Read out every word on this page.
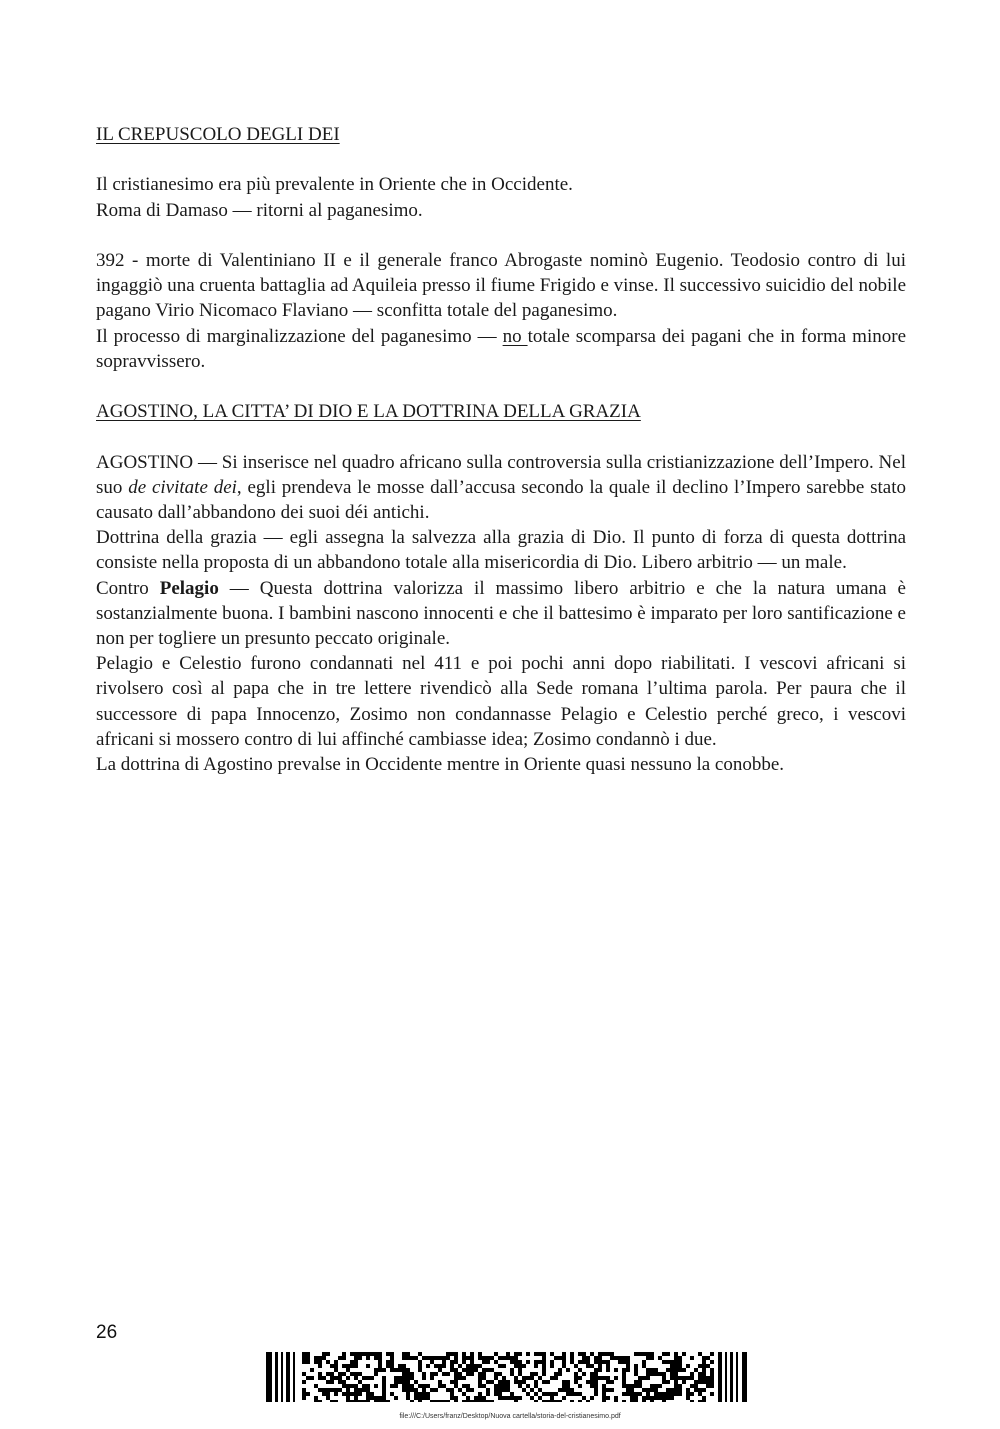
IL CREPUSCOLO DEGLI DEI

Il cristianesimo era più prevalente in Oriente che in Occidente.

Roma di Damaso — ritorni al paganesimo.

392 - morte di Valentiniano II e il generale franco Abrogaste nominò Eugenio. Teodosio contro di lui ingaggiò una cruenta battaglia ad Aquileia presso il fiume Frigido e vinse. Il successivo suicidio del nobile pagano Virio Nicomaco Flaviano — sconfitta totale del paganesimo.

Il processo di marginalizzazione del paganesimo — no totale scomparsa dei pagani che in forma minore sopravvissero.

AGOSTINO, LA CITTA’ DI DIO E LA DOTTRINA DELLA GRAZIA

AGOSTINO — Si inserisce nel quadro africano sulla controversia sulla cristianizzazione dell’Impero. Nel suo de civitate dei, egli prendeva le mosse dall’accusa secondo la quale il declino l’Impero sarebbe stato causato dall’abbandono dei suoi déi antichi.

Dottrina della grazia — egli assegna la salvezza alla grazia di Dio. Il punto di forza di questa dottrina consiste nella proposta di un abbandono totale alla misericordia di Dio. Libero arbitrio — un male.

Contro Pelagio — Questa dottrina valorizza il massimo libero arbitrio e che la natura umana è sostanzialmente buona. I bambini nascono innocenti e che il battesimo è imparato per loro santificazione e non per togliere un presunto peccato originale.

Pelagio e Celestio furono condannati nel 411 e poi pochi anni dopo riabilitati. I vescovi africani si rivolsero così al papa che in tre lettere rivendicò alla Sede romana l’ultima parola. Per paura che il successore di papa Innocenzo, Zosimo non condannasse Pelagio e Celestio perché greco, i vescovi africani si mossero contro di lui affinché cambiasse idea; Zosimo condannò i due.

La dottrina di Agostino prevalse in Occidente mentre in Oriente quasi nessuno la conobbe.

26
file:///C:/Users/franz/Desktop/Nuova cartella/storia-del-cristianesimo.pdf
